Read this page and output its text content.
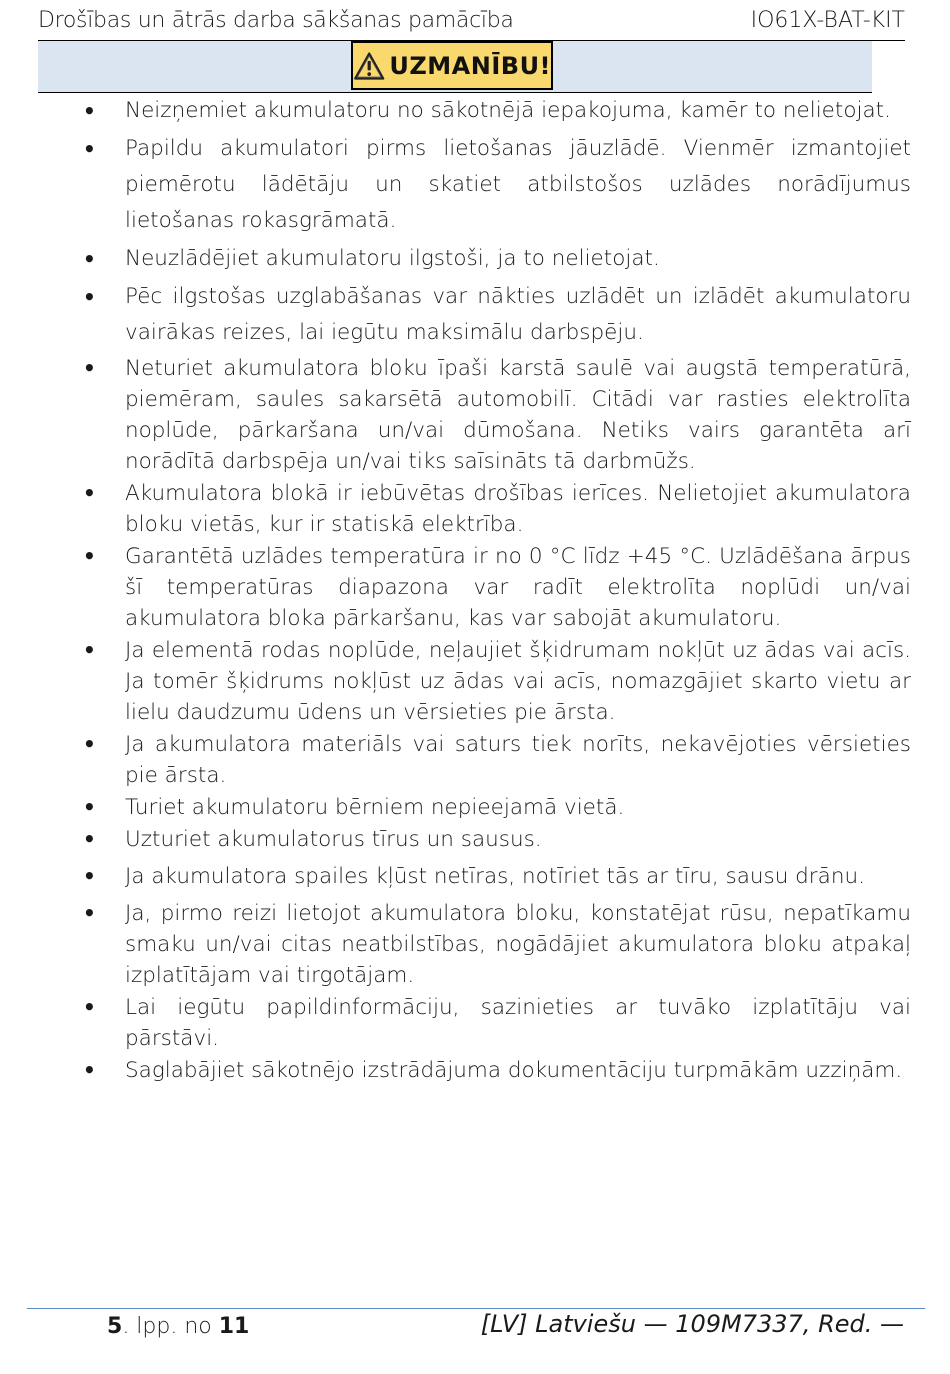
Drošības un ātrās darba sākšanas pamācība	IO61X-BAT-KIT
UZMANĪBU!
• Neizņemiet akumulatoru no sākotnējā iepakojuma, kamēr to nelietojat.
• Papildu akumulatori pirms lietošanas jāuzlādē. Vienmēr izmantojiet piemērotu lādētāju un skatiet atbilstošos uzlādes norādījumus lietošanas rokasgrāmatā.
• Neuzlādējiet akumulatoru ilgstoši, ja to nelietojat.
• Pēc ilgstošas uzglabāšanas var nākties uzlādēt un izlādēt akumulatoru vairākas reizes, lai iegūtu maksimālu darbspēju.
• Neturiet akumulatora bloku īpaši karstā saulē vai augstā temperatūrā, piemēram, saules sakarsētā automobilī. Citādi var rasties elektrolīta noplūde, pārkaršana un/vai dūmošana. Netiks vairs garantēta arī norādītā darbspēja un/vai tiks saīsināts tā darbmūžs.
• Akumulatora blokā ir iebūvētas drošības ierīces. Nelietojiet akumulatora bloku vietās, kur ir statiskā elektrība.
• Garantētā uzlādes temperatūra ir no 0 °C līdz +45 °C. Uzlādēšana ārpus šī temperatūras diapazona var radīt elektrolīta noplūdi un/vai akumulatora bloka pārkaršanu, kas var sabojāt akumulatoru.
• Ja elementā rodas noplūde, neļaujiet šķidrumam nokļūt uz ādas vai acīs. Ja tomēr šķidrums nokļūst uz ādas vai acīs, nomazgājiet skarto vietu ar lielu daudzumu ūdens un vērsieties pie ārsta.
• Ja akumulatora materiāls vai saturs tiek norīts, nekavējoties vērsieties pie ārsta.
• Turiet akumulatoru bērniem nepieejamā vietā.
• Uzturiet akumulatorus tīrus un sausus.
• Ja akumulatora spailes kļūst netīras, notīriet tās ar tīru, sausu drānu.
• Ja, pirmo reizi lietojot akumulatora bloku, konstatējat rūsu, nepatīkamu smaku un/vai citas neatbilstības, nogādājiet akumulatora bloku atpakaļ izplatītājam vai tirgotājam.
• Lai iegūtu papildinformāciju, sazinieties ar tuvāko izplatītāju vai pārstāvi.
• Saglabājiet sākotnējo izstrādājuma dokumentāciju turpmākām uzziņām.
5. lpp. no 11	[LV] Latviešu — 109M7337, Red. —
